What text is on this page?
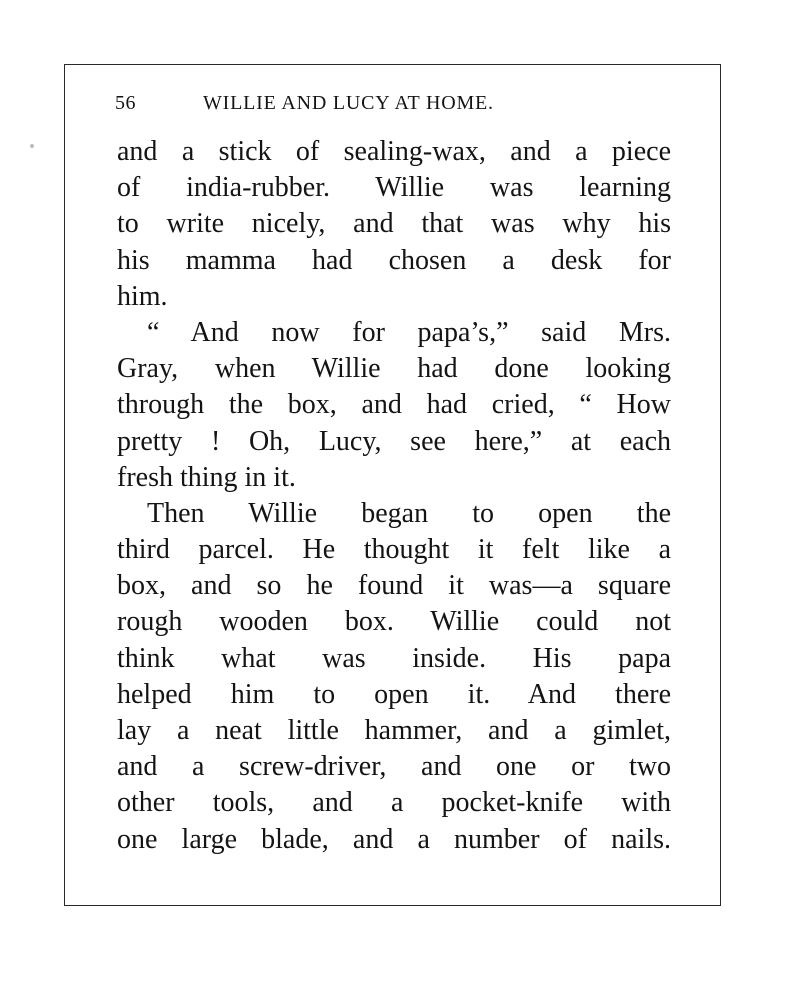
56	WILLIE AND LUCY AT HOME.
and a stick of sealing-wax, and a piece
of india-rubber. Willie was learning
to write nicely, and that was why his
his mamma had chosen a desk for
him.
“ And now for papa’s,” said Mrs.
Gray, when Willie had done looking
through the box, and had cried, “ How
pretty ! Oh, Lucy, see here,” at each
fresh thing in it.
Then Willie began to open the
third parcel. He thought it felt like a
box, and so he found it was—a square
rough wooden box. Willie could not
think what was inside. His papa
helped him to open it. And there
lay a neat little hammer, and a gimlet,
and a screw-driver, and one or two
other tools, and a pocket-knife with
one large blade, and a number of nails.
